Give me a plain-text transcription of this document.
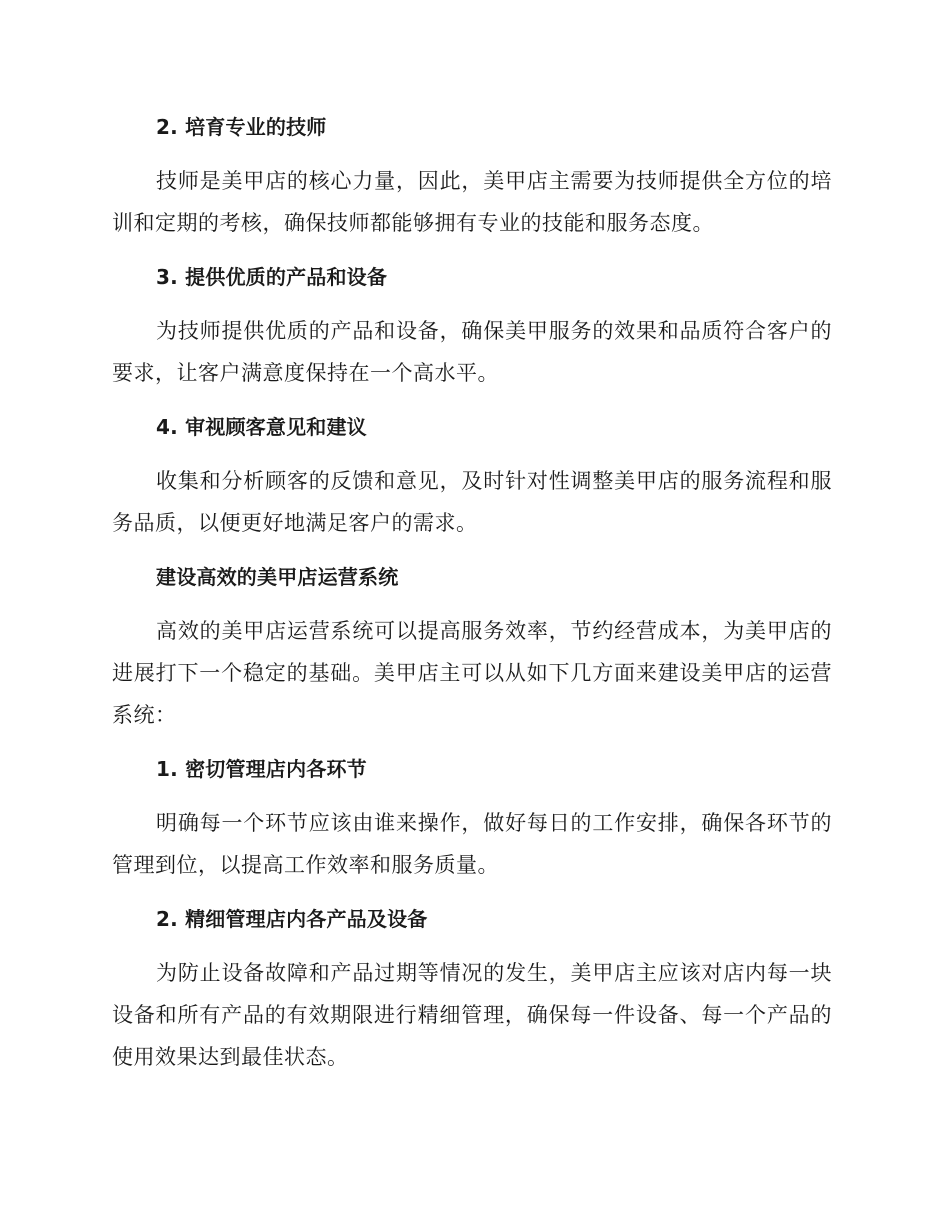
2. 培育专业的技师

技师是美甲店的核心力量，因此，美甲店主需要为技师提供全方位的培训和定期的考核，确保技师都能够拥有专业的技能和服务态度。

3. 提供优质的产品和设备

为技师提供优质的产品和设备，确保美甲服务的效果和品质符合客户的要求，让客户满意度保持在一个高水平。

4. 审视顾客意见和建议

收集和分析顾客的反馈和意见，及时针对性调整美甲店的服务流程和服务品质，以便更好地满足客户的需求。

建设高效的美甲店运营系统

高效的美甲店运营系统可以提高服务效率，节约经营成本，为美甲店的进展打下一个稳定的基础。美甲店主可以从如下几方面来建设美甲店的运营系统：

1. 密切管理店内各环节

明确每一个环节应该由谁来操作，做好每日的工作安排，确保各环节的管理到位，以提高工作效率和服务质量。

2. 精细管理店内各产品及设备

为防止设备故障和产品过期等情况的发生，美甲店主应该对店内每一块设备和所有产品的有效期限进行精细管理，确保每一件设备、每一个产品的使用效果达到最佳状态。
